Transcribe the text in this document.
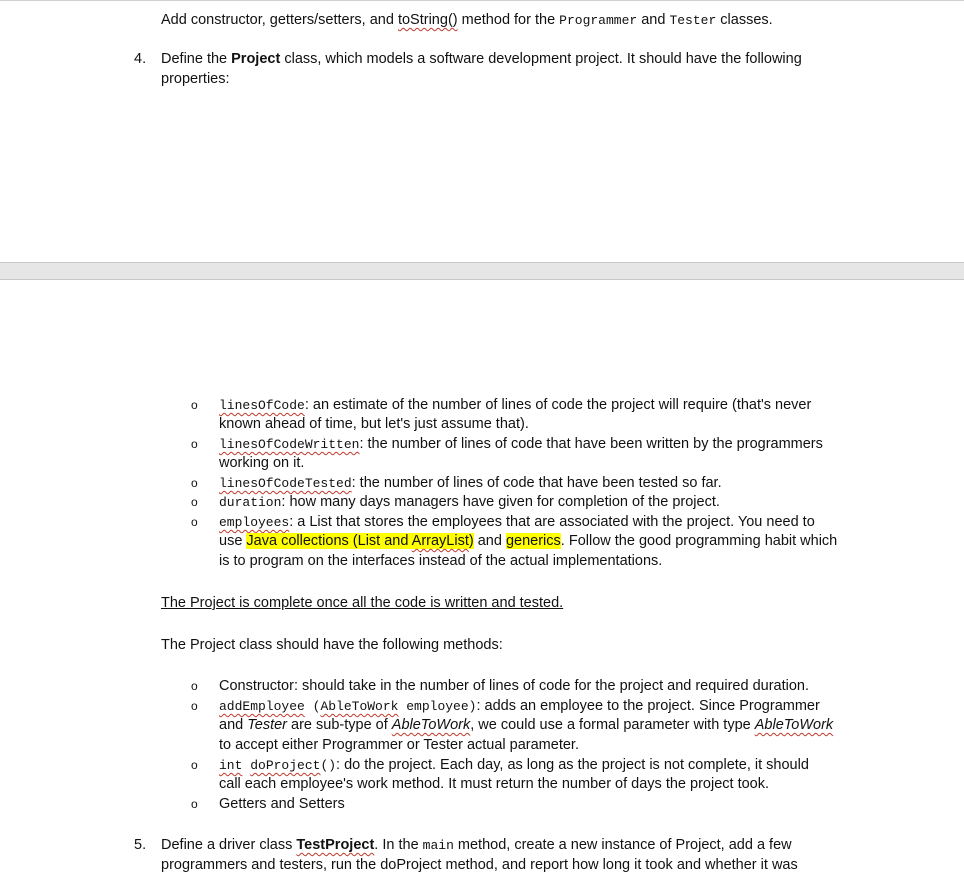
Add constructor, getters/setters, and toString() method for the Programmer and Tester classes.
4. Define the Project class, which models a software development project. It should have the following
properties:
o linesOfCode: an estimate of the number of lines of code the project will require (that's never
known ahead of time, but let's just assume that).
o linesOfCodeWritten: the number of lines of code that have been written by the programmers
working on it.
o linesOfCodeTested: the number of lines of code that have been tested so far.
o duration: how many days managers have given for completion of the project.
o employees: a List that stores the employees that are associated with the project. You need to
use Java collections (List and ArrayList) and generics. Follow the good programming habit which
is to program on the interfaces instead of the actual implementations.
The Project is complete once all the code is written and tested.
The Project class should have the following methods:
o Constructor: should take in the number of lines of code for the project and required duration.
o addEmployee (AbleToWork employee): adds an employee to the project. Since Programmer
and Tester are sub-type of AbleToWork, we could use a formal parameter with type AbleToWork
to accept either Programmer or Tester actual parameter.
o int doProject(): do the project. Each day, as long as the project is not complete, it should
call each employee's work method. It must return the number of days the project took.
o Getters and Setters
5. Define a driver class TestProject. In the main method, create a new instance of Project, add a few
programmers and testers, run the doProject method, and report how long it took and whether it was
